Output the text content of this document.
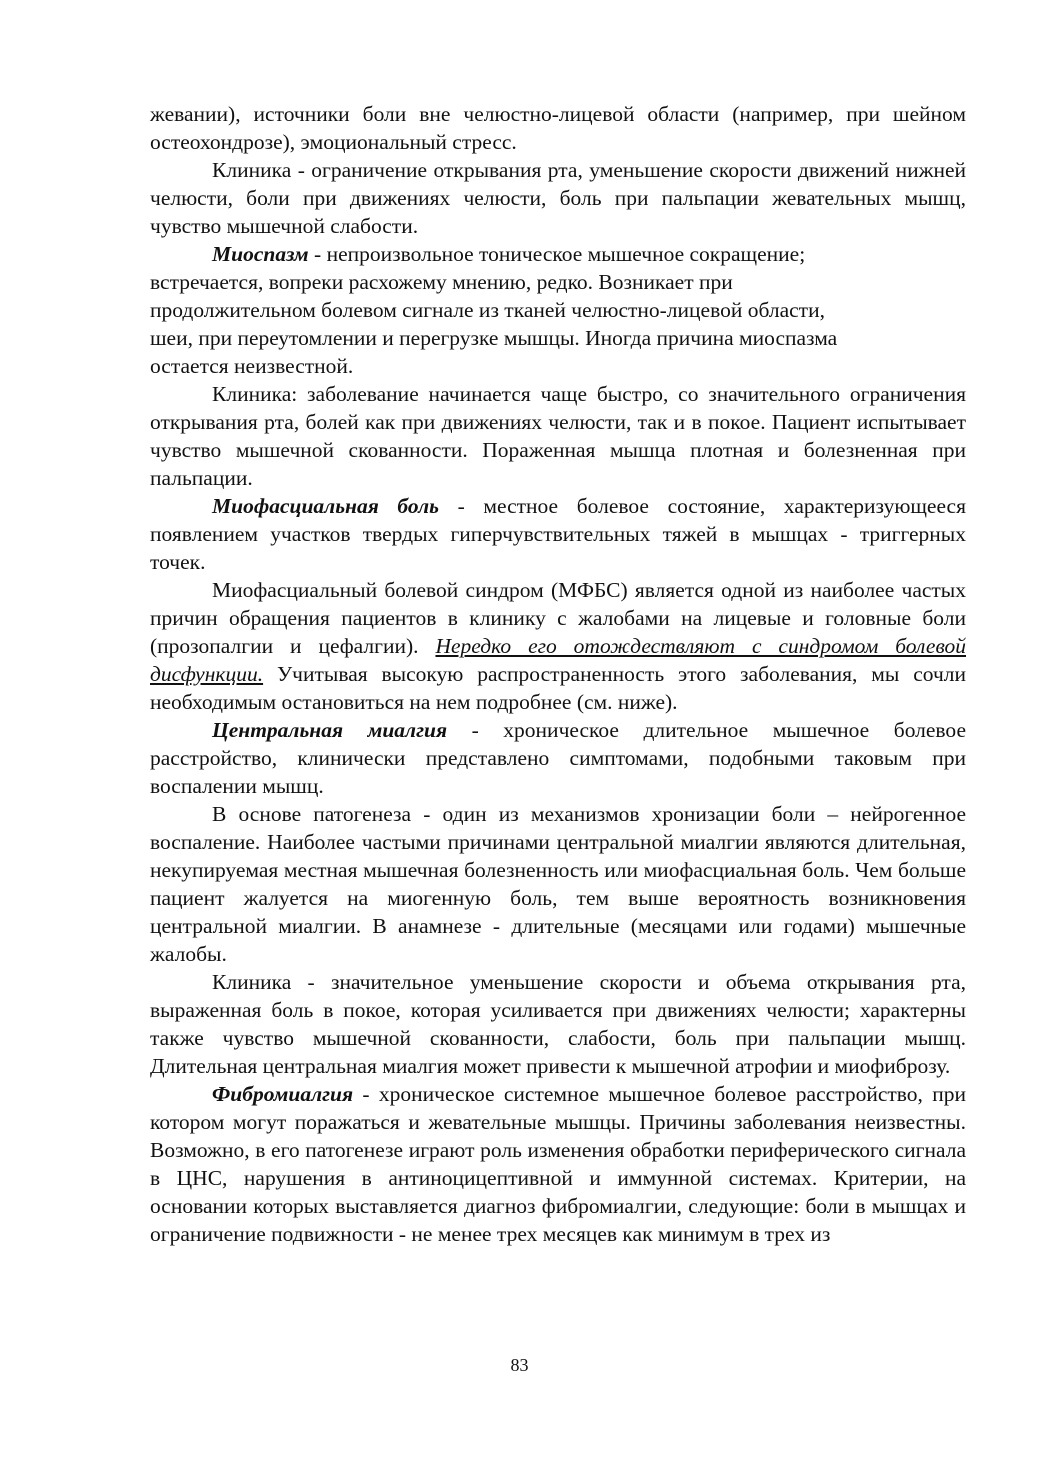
жевании), источники боли вне челюстно-лицевой области (например, при шейном остеохондрозе), эмоциональный стресс.

Клиника - ограничение открывания рта, уменьшение скорости движений нижней челюсти, боли при движениях челюсти, боль при пальпации жевательных мышц, чувство мышечной слабости.

Миоспазм - непроизвольное тоническое мышечное сокращение;

встречается, вопреки расхожему мнению, редко. Возникает при

продолжительном болевом сигнале из тканей челюстно-лицевой области,

шеи, при переутомлении и перегрузке мышцы. Иногда причина миоспазма

остается неизвестной.

Клиника: заболевание начинается чаще быстро, со значительного ограничения открывания рта, болей как при движениях челюсти, так и в покое. Пациент испытывает чувство мышечной скованности. Пораженная мышца плотная и болезненная при пальпации.

Миофасциальная боль - местное болевое состояние, характеризующееся появлением участков твердых гиперчувствительных тяжей в мышцах - триггерных точек.

Миофасциальный болевой синдром (МФБС) является одной из наиболее частых причин обращения пациентов в клинику с жалобами на лицевые и головные боли (прозопалгии и цефалгии). Нередко его отождествляют с синдромом болевой дисфункции. Учитывая высокую распространенность этого заболевания, мы сочли необходимым остановиться на нем подробнее (см. ниже).

Центральная миалгия - хроническое длительное мышечное болевое расстройство, клинически представлено симптомами, подобными таковым при воспалении мышц.

В основе патогенеза - один из механизмов хронизации боли – нейрогенное воспаление. Наиболее частыми причинами центральной миалгии являются длительная, некупируемая местная мышечная болезненность или миофасциальная боль. Чем больше пациент жалуется на миогенную боль, тем выше вероятность возникновения центральной миалгии. В анамнезе - длительные (месяцами или годами) мышечные жалобы.

Клиника - значительное уменьшение скорости и объема открывания рта, выраженная боль в покое, которая усиливается при движениях челюсти; характерны также чувство мышечной скованности, слабости, боль при пальпации мышц. Длительная центральная миалгия может привести к мышечной атрофии и миофиброзу.

Фибромиалгия - хроническое системное мышечное болевое расстройство, при котором могут поражаться и жевательные мышцы. Причины заболевания неизвестны. Возможно, в его патогенезе играют роль изменения обработки периферического сигнала в ЦНС, нарушения в антиноцицептивной и иммунной системах. Критерии, на основании которых выставляется диагноз фибромиалгии, следующие: боли в мышцах и ограничение подвижности - не менее трех месяцев как минимум в трех из

83
